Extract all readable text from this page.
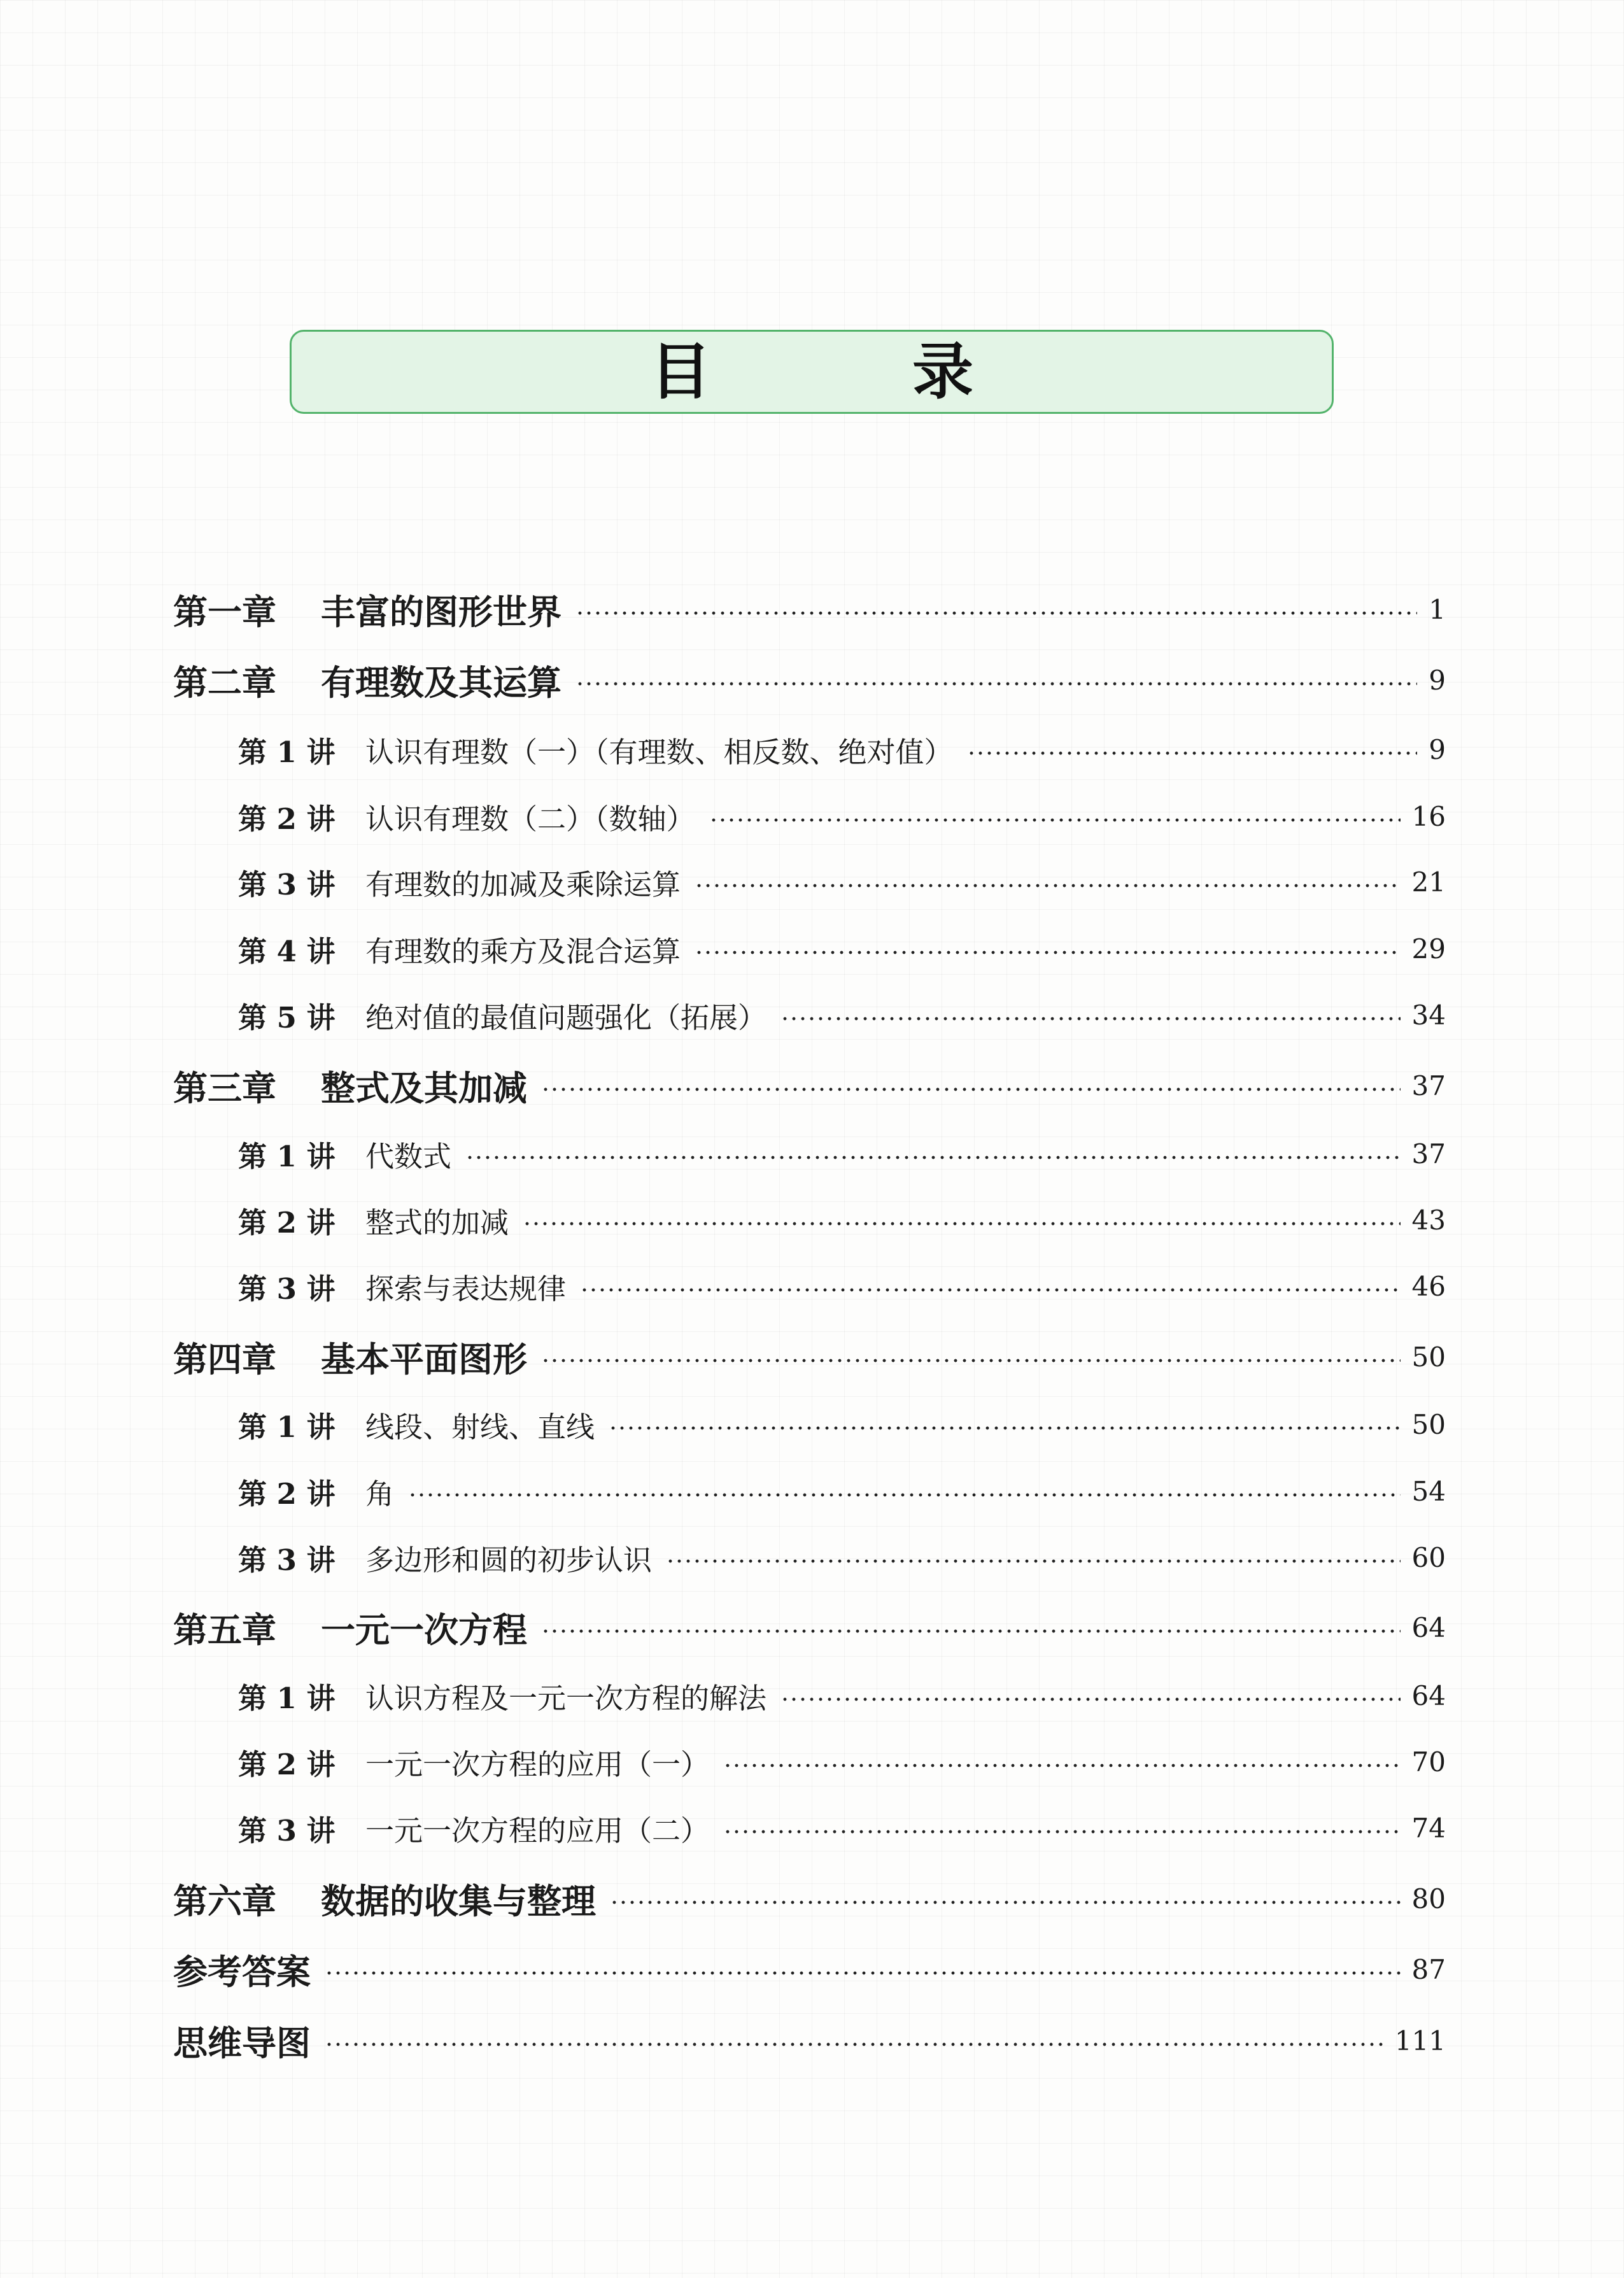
目　录
第一章	丰富的图形世界	1
第二章	有理数及其运算	9
第 1 讲	认识有理数（一）（有理数、相反数、绝对值）	9
第 2 讲	认识有理数（二）（数轴）	16
第 3 讲	有理数的加减及乘除运算	21
第 4 讲	有理数的乘方及混合运算	29
第 5 讲	绝对值的最值问题强化（拓展）	34
第三章	整式及其加减	37
第 1 讲	代数式	37
第 2 讲	整式的加减	43
第 3 讲	探索与表达规律	46
第四章	基本平面图形	50
第 1 讲	线段、射线、直线	50
第 2 讲	角	54
第 3 讲	多边形和圆的初步认识	60
第五章	一元一次方程	64
第 1 讲	认识方程及一元一次方程的解法	64
第 2 讲	一元一次方程的应用（一）	70
第 3 讲	一元一次方程的应用（二）	74
第六章	数据的收集与整理	80
参考答案	87
思维导图	111
